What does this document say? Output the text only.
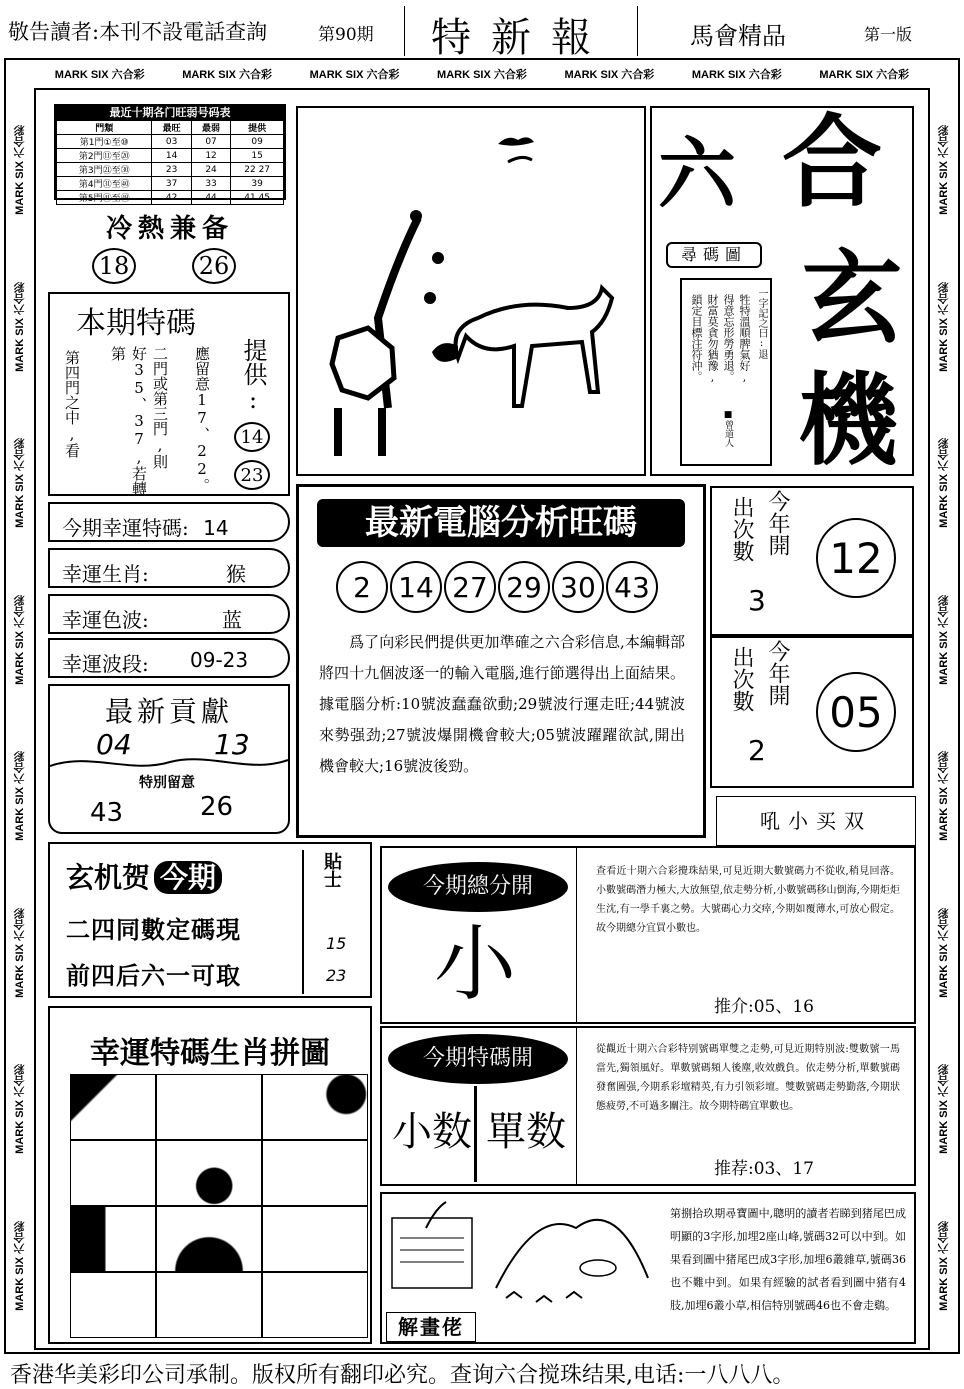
敬告讀者:本刊不設電話查詢	第90期	特新報	馬會精品	第一版
MARK SIX 六合彩	MARK SIX 六合彩	MARK SIX 六合彩	MARK SIX 六合彩	MARK SIX 六合彩	MARK SIX 六合彩	MARK SIX 六合彩
MARK SIX 六合彩
MARK SIX 六合彩
MARK SIX 六合彩
MARK SIX 六合彩
MARK SIX 六合彩
MARK SIX 六合彩
MARK SIX 六合彩
MARK SIX 六合彩
MARK SIX 六合彩
MARK SIX 六合彩
MARK SIX 六合彩
MARK SIX 六合彩
MARK SIX 六合彩
MARK SIX 六合彩
MARK SIX 六合彩
MARK SIX 六合彩
最近十期各门旺弱号码表
門類	最旺	最弱	提供
第1門①至⑩	03	07	09
第2門⑪至⑳	14	12	15
第3門㉑至㉚	23	24	22 27
第4門㉛至㊵	37	33	39
第5門㊶至㊾	42	44	41 45
冷熱兼备
18	26
本期特碼
第四門之中,看	好35、37,若轉第	二門或第三門,則 應留意17、22。 提供:
14
23
今期幸運特碼: 14
幸運生肖:	猴
幸運色波:	蓝
幸運波段: 09-23
最新貢獻
04	13
特別留意
43	26
玄机贺 今期
二四同數定碼現
前四后六一可取
貼士
15
23
幸運特碼生肖拼圖
六 合
玄
機
尋碼圖
一字記之曰:退
牲特溫順脾氣好,
得意忘形勞勇退。
財富莫貪勿猶豫,
鎖定目標注符沖。
■曾道人
最新電腦分析旺碼
2 14 27 29 30 43
　　爲了向彩民們提供更加準確之六合彩信息,本編輯部將四十九個波逐一的輸入電腦,進行節選得出上面結果。據電腦分析:10號波蠢蠢欲動;29號波行運走旺;44號波來勢强劲;27號波爆開機會較大;05號波躍躍欲試,開出機會較大;16號波後勁。
出次數 今年開
3
12
出次數 今年開
2
05
吼小买双
今期總分開
小
查看近十期六合彩攪珠結果,可見近期大數號碼力不從收,稍見回落。小數號碼潛力極大,大放無望,依走勢分析,小數號碼移山倒海,今期炬炬生沈,有一學千裏之勢。大號碼心力交瘁,今期如覆薄水,可放心假定。故今期總分宜買小數也。
推介:05、16
今期特碼開
小数 單数
從觀近十期六合彩特别號碼單雙之走勢,可見近期特別波:雙數號一馬當先,獨領風好。單數號碼頻人後塵,收效戲負。依走勢分析,單數號碼發奮圖强,今期系彩壇精英,有力引领彩壇。雙數號碼走勢勤落,今期狀態疲勞,不可過多關注。故今期特碼宜單數也。
推荐:03、17
解畫佬
第捌拾玖期尋寶圖中,聰明的讀者若睇到猪尾巴成明顯的3字形,加埋2座山峰,號碼32可以中到。如果看到圖中猪尾巴成3字形,加埋6叢雜草,號碼36也不難中到。如果有經驗的試者看到圖中猪有4肢,加埋6叢小草,相信特別號碼46也不會走鷄。
香港华美彩印公司承制。版权所有翻印必究。查询六合搅珠结果,电话:一八八八。
